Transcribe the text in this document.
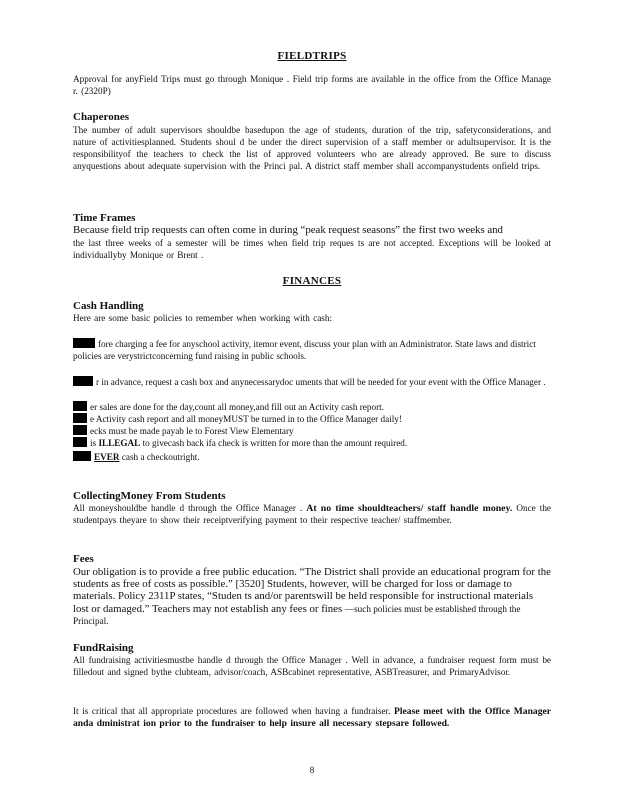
FIELDTRIPS

Approval for anyField Trips must go through Monique . Field trip forms are available in the office from the Office Manage r. (2320P)

Chaperones

The number of adult supervisors shouldbe basedupon the age of students, duration of the trip, safetyconsiderations, and nature of activitiesplanned. Students shoul d be under the direct supervision of a staff member or adultsupervisor. It is the responsibilityof the teachers to check the list of approved volunteers who are already approved. Be sure to discuss anyquestions about adequate supervision with the Princi pal. A district staff member shall accompanystudents onfield trips.

Time Frames

Because field trip requests can often come in during “peak request seasons” the first two weeks and

the last three weeks of a semester will be times when field trip reques ts are not accepted. Exceptions will be looked at individuallyby Monique or Brent .

FINANCES
Cash Handling

Here are some basic policies to remember when working with cash:

fore charging a fee for anyschool activity, itemor event, discuss your plan with an Administrator. State laws and district policies are verystrictconcerning fund raising in public schools.
r in advance, request a cash box and anynecessarydoc uments that will be needed for your event with the Office Manager .
er sales are done for the day,count all money,and fill out an Activity cash report.
e Activity cash report and all moneyMUST be turned in to the Office Manager daily!
ecks must be made payab le to Forest View Elementary
is ILLEGAL to givecash back ifa check is written for more than the amount required.
EVER cash a checkoutright.
CollectingMoney From Students

All moneyshouldbe handle d through the Office Manager . At no time shouldteachers/ staff handle money. Once the studentpays theyare to show their receiptverifying payment to their respective teacher/ staffmember.

Fees

Our obligation is to provide a free public education. “The District shall provide an educational program for the students as free of costs as possible.” [3520] Students, however, will be charged for loss or damage to materials. Policy 2311P states, “Studen ts and/or parentswill be held responsible for instructional materials lost or damaged.” Teachers may not establish any fees or fines —such policies must be established through the Principal.

FundRaising

All fundraising activitiesmustbe handle d through the Office Manager . Well in advance, a fundraiser request form must be filledout and signed bythe clubteam, advisor/coach, ASBcabinet representative, ASBTreasurer, and PrimaryAdvisor.

It is critical that all appropriate procedures are followed when having a fundraiser. Please meet with the Office Manager anda dministrat ion prior to the fundraiser to help insure all necessary stepsare followed.

8
